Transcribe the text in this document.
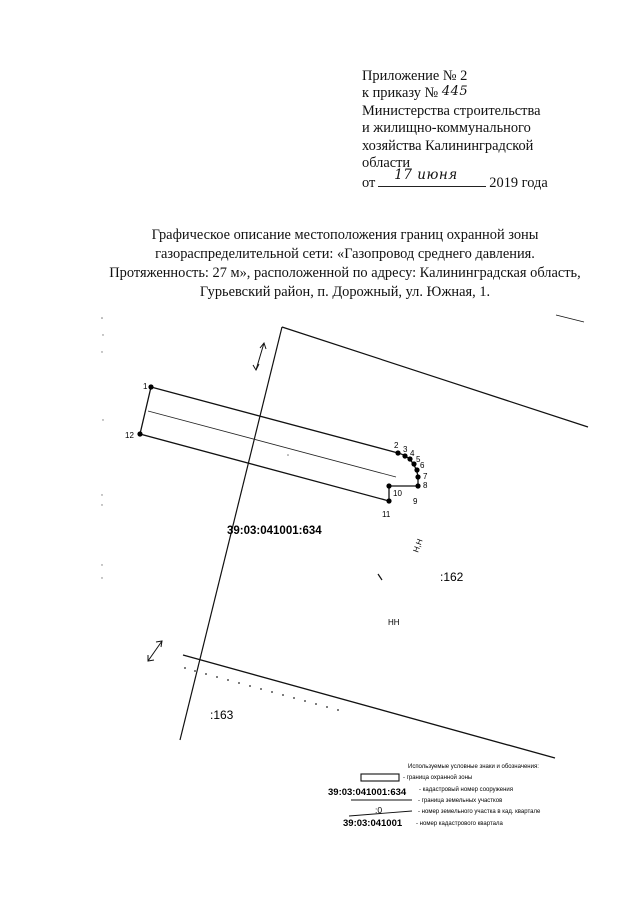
Приложение № 2
к приказу № 445
Министерства строительства
и жилищно-коммунального
хозяйства Калининградской
области
от 17 июня 2019 года
Графическое описание местоположения границ охранной зоны
газораспределительной сети: «Газопровод среднего давления.
Протяженность: 27 м», расположенной по адресу: Калининградская область,
Гурьевский район, п. Дорожный, ул. Южная, 1.
1
2 3 4
5
6
7
8
9
10
11
12
39:03:041001:634
:162
:163
Н,Н
НН
Используемые условные знаки и обозначения:
- граница охранной зоны
39:03:041001:634 - кадастровый номер сооружения
- граница земельных участков
:0	- номер земельного участка в кад. квартале
39:03:041001 - номер кадастрового квартала
